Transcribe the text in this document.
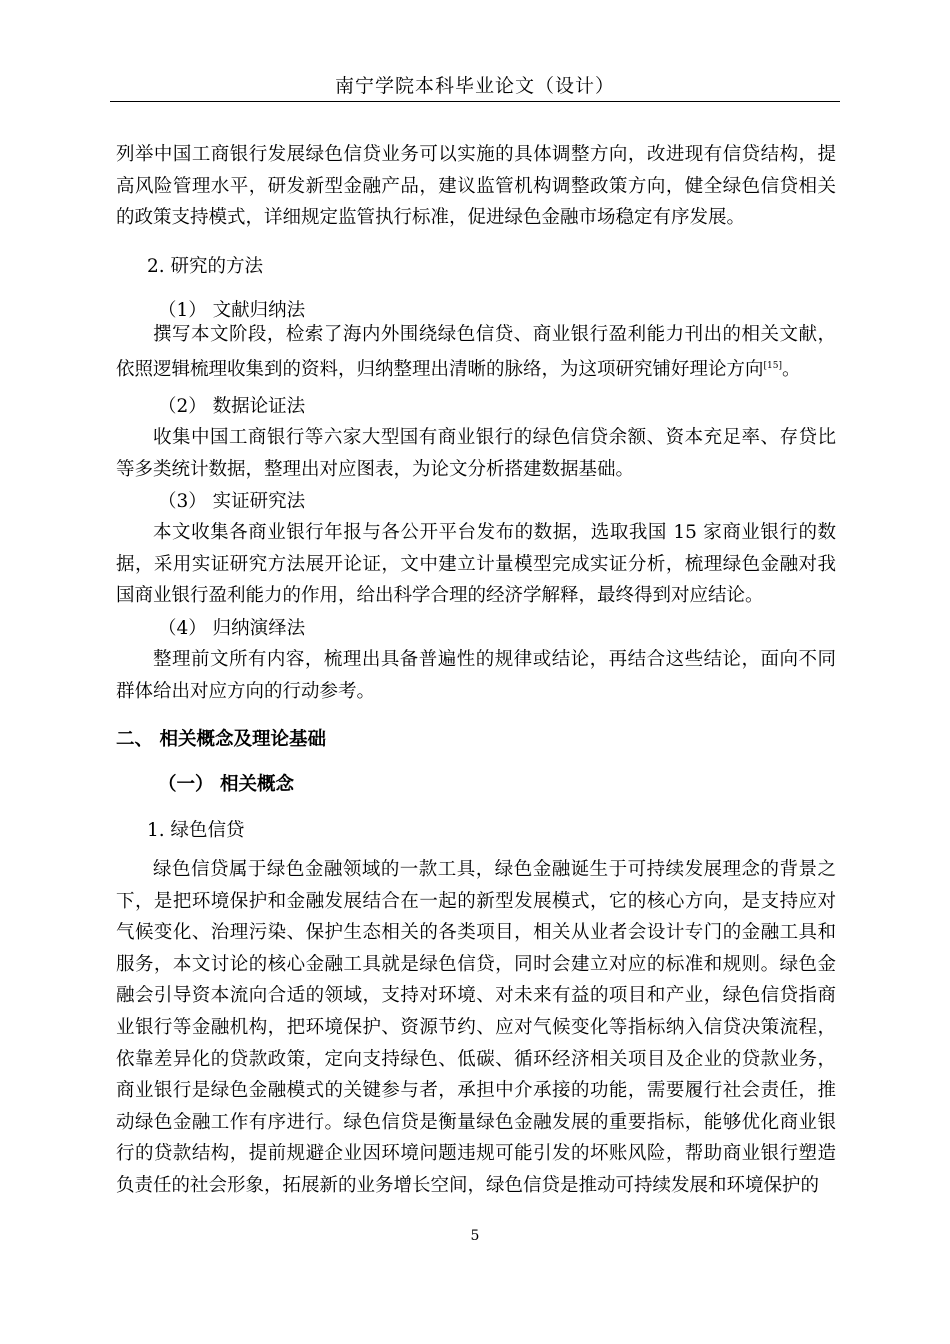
南宁学院本科毕业论文（设计）
列举中国工商银行发展绿色信贷业务可以实施的具体调整方向，改进现有信贷结构，提高风险管理水平，研发新型金融产品，建议监管机构调整政策方向，健全绿色信贷相关的政策支持模式，详细规定监管执行标准，促进绿色金融市场稳定有序发展。
2. 研究的方法
（1） 文献归纳法
撰写本文阶段，检索了海内外围绕绿色信贷、商业银行盈利能力刊出的相关文献，依照逻辑梳理收集到的资料，归纳整理出清晰的脉络，为这项研究铺好理论方向[15]。
（2） 数据论证法
收集中国工商银行等六家大型国有商业银行的绿色信贷余额、资本充足率、存贷比等多类统计数据，整理出对应图表，为论文分析搭建数据基础。
（3） 实证研究法
本文收集各商业银行年报与各公开平台发布的数据，选取我国 15 家商业银行的数据，采用实证研究方法展开论证，文中建立计量模型完成实证分析，梳理绿色金融对我国商业银行盈利能力的作用，给出科学合理的经济学解释，最终得到对应结论。
（4） 归纳演绎法
整理前文所有内容，梳理出具备普遍性的规律或结论，再结合这些结论，面向不同群体给出对应方向的行动参考。
二、 相关概念及理论基础
（一） 相关概念
1. 绿色信贷
绿色信贷属于绿色金融领域的一款工具，绿色金融诞生于可持续发展理念的背景之下，是把环境保护和金融发展结合在一起的新型发展模式，它的核心方向，是支持应对气候变化、治理污染、保护生态相关的各类项目，相关从业者会设计专门的金融工具和服务，本文讨论的核心金融工具就是绿色信贷，同时会建立对应的标准和规则。绿色金融会引导资本流向合适的领域，支持对环境、对未来有益的项目和产业，绿色信贷指商业银行等金融机构，把环境保护、资源节约、应对气候变化等指标纳入信贷决策流程，依靠差异化的贷款政策，定向支持绿色、低碳、循环经济相关项目及企业的贷款业务，商业银行是绿色金融模式的关键参与者，承担中介承接的功能，需要履行社会责任，推动绿色金融工作有序进行。绿色信贷是衡量绿色金融发展的重要指标，能够优化商业银行的贷款结构，提前规避企业因环境问题违规可能引发的坏账风险，帮助商业银行塑造负责任的社会形象，拓展新的业务增长空间，绿色信贷是推动可持续发展和环境保护的
5
